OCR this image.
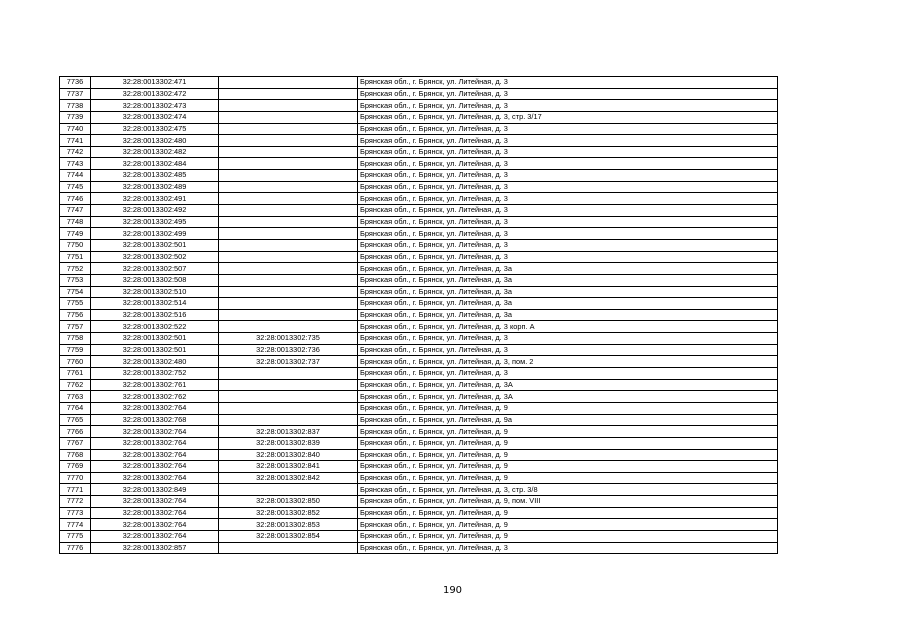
7736	32:28:0013302:471		Брянская обл., г. Брянск, ул. Литейная, д. 3
7737	32:28:0013302:472		Брянская обл., г. Брянск, ул. Литейная, д. 3
7738	32:28:0013302:473		Брянская обл., г. Брянск, ул. Литейная, д. 3
7739	32:28:0013302:474		Брянская обл., г. Брянск, ул. Литейная, д. 3, стр. 3/17
7740	32:28:0013302:475		Брянская обл., г. Брянск, ул. Литейная, д. 3
7741	32:28:0013302:480		Брянская обл., г. Брянск, ул. Литейная, д. 3
7742	32:28:0013302:482		Брянская обл., г. Брянск, ул. Литейная, д. 3
7743	32:28:0013302:484		Брянская обл., г. Брянск, ул. Литейная, д. 3
7744	32:28:0013302:485		Брянская обл., г. Брянск, ул. Литейная, д. 3
7745	32:28:0013302:489		Брянская обл., г. Брянск, ул. Литейная, д. 3
7746	32:28:0013302:491		Брянская обл., г. Брянск, ул. Литейная, д. 3
7747	32:28:0013302:492		Брянская обл., г. Брянск, ул. Литейная, д. 3
7748	32:28:0013302:495		Брянская обл., г. Брянск, ул. Литейная, д. 3
7749	32:28:0013302:499		Брянская обл., г. Брянск, ул. Литейная, д. 3
7750	32:28:0013302:501		Брянская обл., г. Брянск, ул. Литейная, д. 3
7751	32:28:0013302:502		Брянская обл., г. Брянск, ул. Литейная, д. 3
7752	32:28:0013302:507		Брянская обл., г. Брянск, ул. Литейная, д. 3а
7753	32:28:0013302:508		Брянская обл., г. Брянск, ул. Литейная, д. 3а
7754	32:28:0013302:510		Брянская обл., г. Брянск, ул. Литейная, д. 3а
7755	32:28:0013302:514		Брянская обл., г. Брянск, ул. Литейная, д. 3а
7756	32:28:0013302:516		Брянская обл., г. Брянск, ул. Литейная, д. 3а
7757	32:28:0013302:522		Брянская обл., г. Брянск, ул. Литейная, д. 3 корп. А
7758	32:28:0013302:501	32:28:0013302:735	Брянская обл., г. Брянск, ул. Литейная, д. 3
7759	32:28:0013302:501	32:28:0013302:736	Брянская обл., г. Брянск, ул. Литейная, д. 3
7760	32:28:0013302:480	32:28:0013302:737	Брянская обл., г. Брянск, ул. Литейная, д. 3, пом. 2
7761	32:28:0013302:752		Брянская обл., г. Брянск, ул. Литейная, д. 3
7762	32:28:0013302:761		Брянская обл., г. Брянск, ул. Литейная, д. 3А
7763	32:28:0013302:762		Брянская обл., г. Брянск, ул. Литейная, д. 3А
7764	32:28:0013302:764		Брянская обл., г. Брянск, ул. Литейная, д. 9
7765	32:28:0013302:768		Брянская обл., г. Брянск, ул. Литейная, д. 9а
7766	32:28:0013302:764	32:28:0013302:837	Брянская обл., г. Брянск, ул. Литейная, д. 9
7767	32:28:0013302:764	32:28:0013302:839	Брянская обл., г. Брянск, ул. Литейная, д. 9
7768	32:28:0013302:764	32:28:0013302:840	Брянская обл., г. Брянск, ул. Литейная, д. 9
7769	32:28:0013302:764	32:28:0013302:841	Брянская обл., г. Брянск, ул. Литейная, д. 9
7770	32:28:0013302:764	32:28:0013302:842	Брянская обл., г. Брянск, ул. Литейная, д. 9
7771	32:28:0013302:849		Брянская обл., г. Брянск, ул. Литейная, д. 3, стр. 3/8
7772	32:28:0013302:764	32:28:0013302:850	Брянская обл., г. Брянск, ул. Литейная, д. 9, пом. VIII
7773	32:28:0013302:764	32:28:0013302:852	Брянская обл., г. Брянск, ул. Литейная, д. 9
7774	32:28:0013302:764	32:28:0013302:853	Брянская обл., г. Брянск, ул. Литейная, д. 9
7775	32:28:0013302:764	32:28:0013302:854	Брянская обл., г. Брянск, ул. Литейная, д. 9
7776	32:28:0013302:857		Брянская обл., г. Брянск, ул. Литейная, д. 3
190
